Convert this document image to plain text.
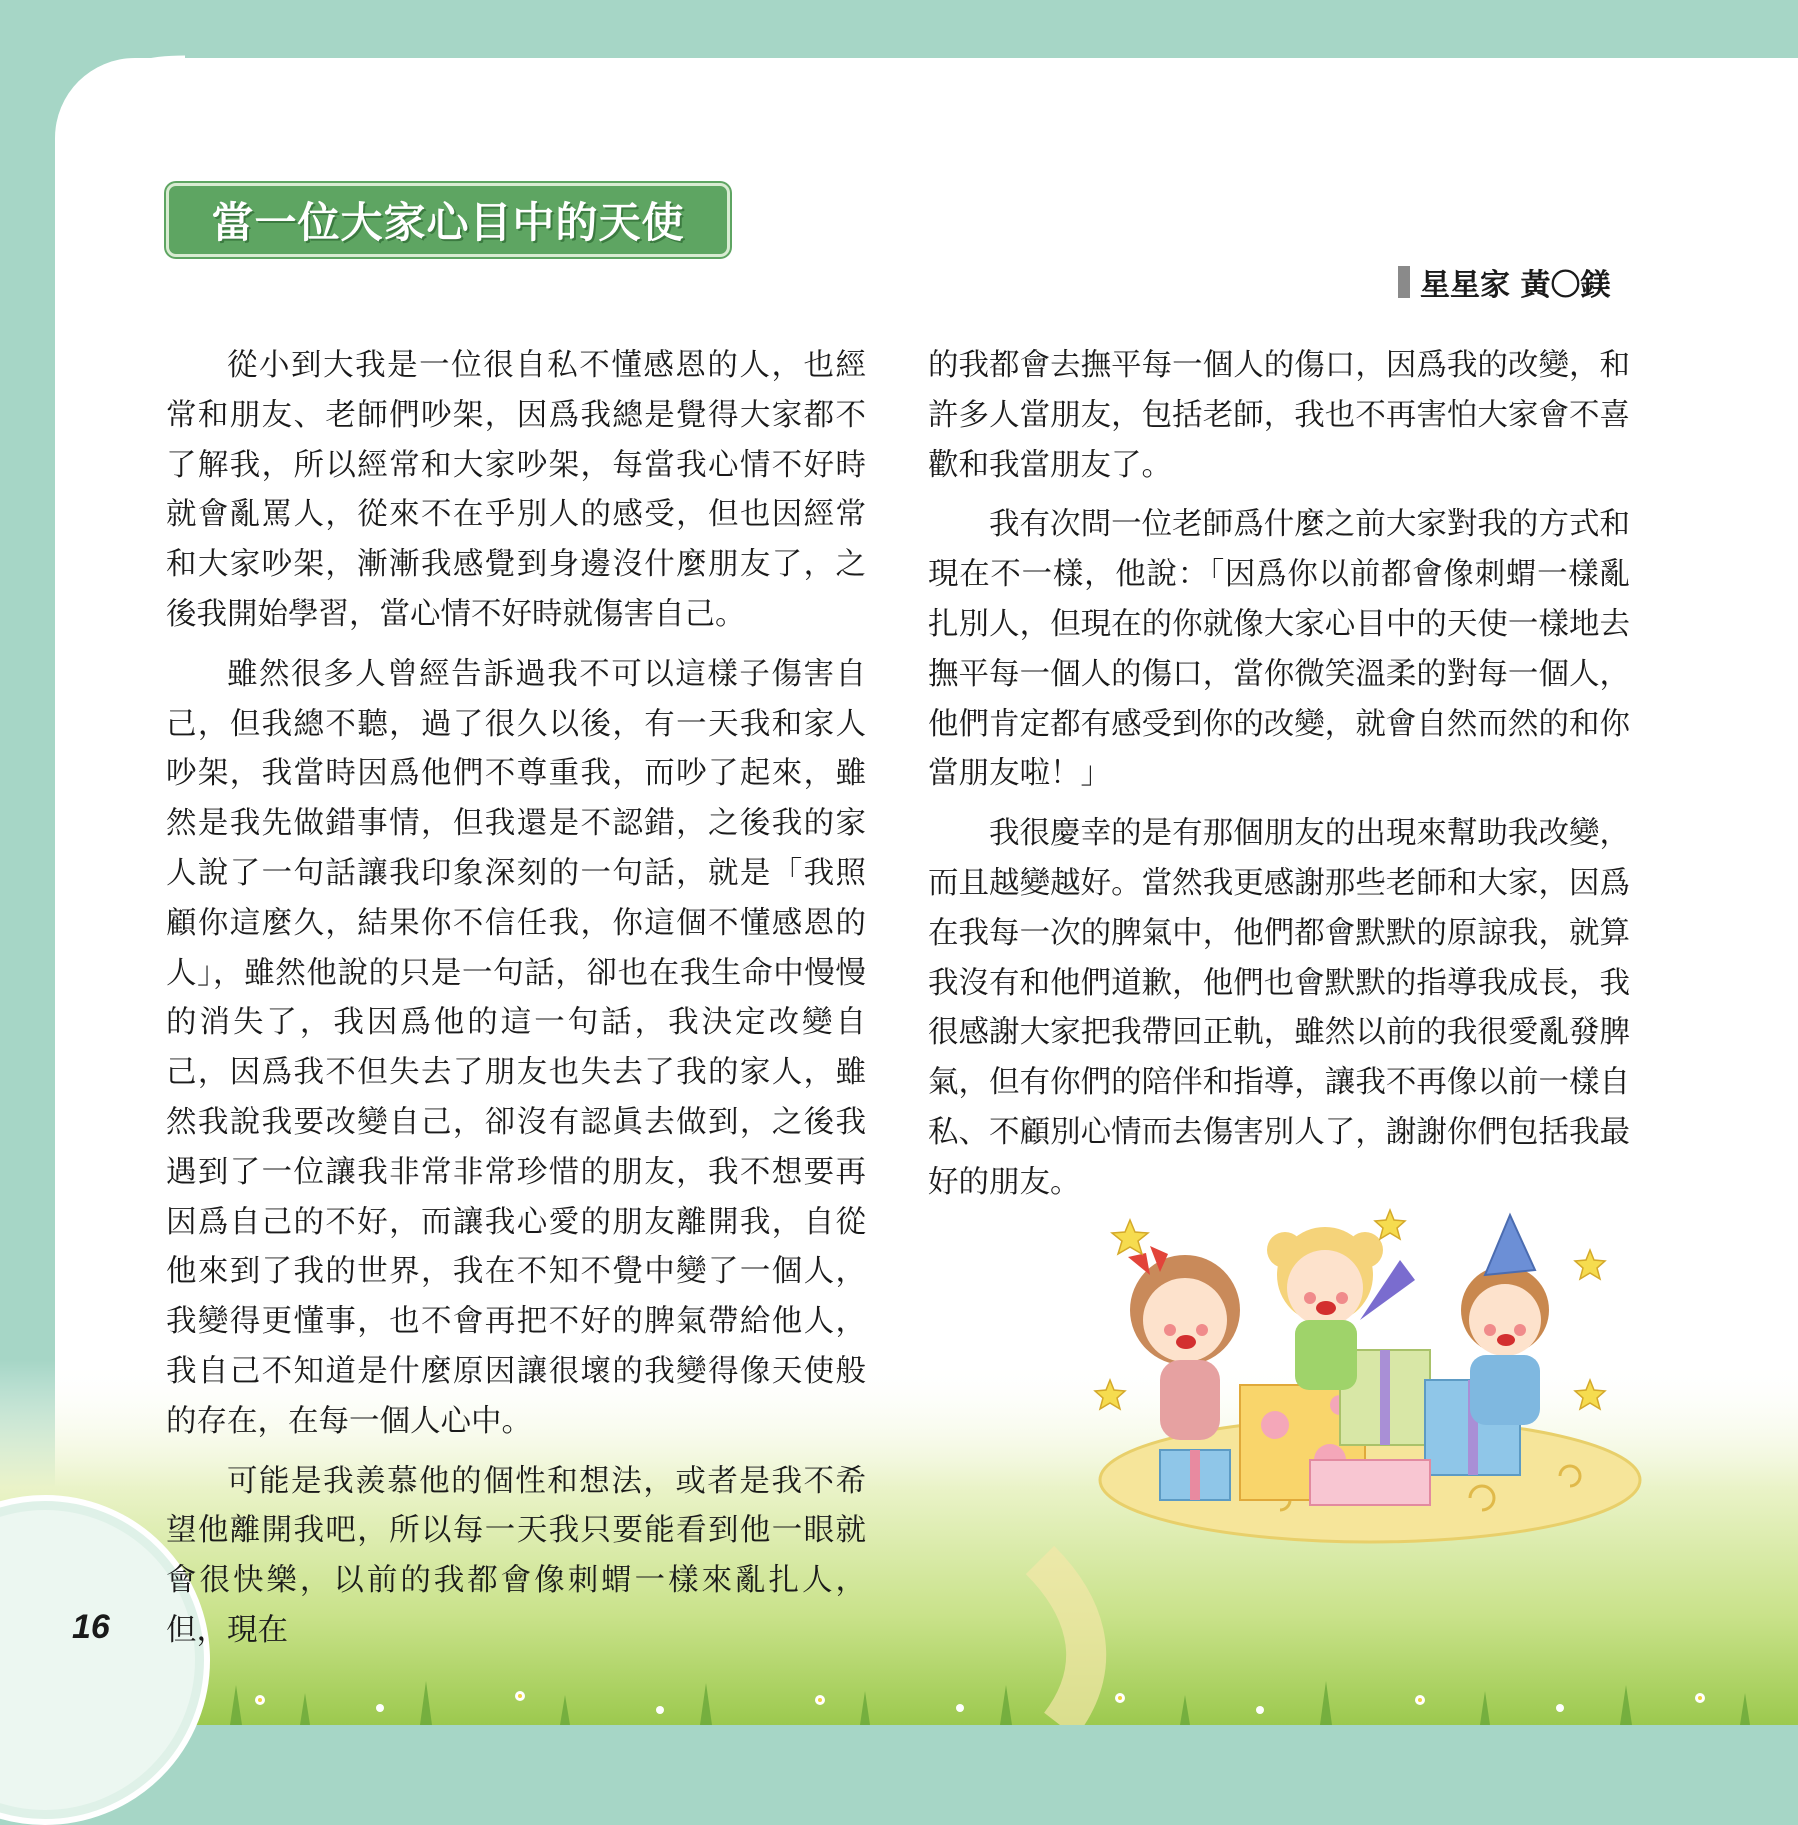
16
當一位大家心目中的天使
星星家 黃〇鎂

從小到大我是一位很自私不懂感恩的人，也經常和朋友、老師們吵架，因爲我總是覺得大家都不了解我，所以經常和大家吵架，每當我心情不好時就會亂罵人，從來不在乎別人的感受，但也因經常和大家吵架，漸漸我感覺到身邊沒什麼朋友了，之後我開始學習，當心情不好時就傷害自己。

雖然很多人曾經告訴過我不可以這樣子傷害自己，但我總不聽，過了很久以後，有一天我和家人吵架，我當時因爲他們不尊重我，而吵了起來，雖然是我先做錯事情，但我還是不認錯，之後我的家人說了一句話讓我印象深刻的一句話，就是「我照顧你這麼久，結果你不信任我，你這個不懂感恩的人」，雖然他說的只是一句話，卻也在我生命中慢慢的消失了，我因爲他的這一句話，我決定改變自己，因爲我不但失去了朋友也失去了我的家人，雖然我說我要改變自己，卻沒有認眞去做到，之後我遇到了一位讓我非常非常珍惜的朋友，我不想要再因爲自己的不好，而讓我心愛的朋友離開我，自從他來到了我的世界，我在不知不覺中變了一個人，我變得更懂事，也不會再把不好的脾氣帶給他人，我自己不知道是什麼原因讓很壞的我變得像天使般的存在，在每一個人心中。

可能是我羨慕他的個性和想法，或者是我不希望他離開我吧，所以每一天我只要能看到他一眼就會很快樂，以前的我都會像刺蝟一樣來亂扎人，但，現在

的我都會去撫平每一個人的傷口，因爲我的改變，和許多人當朋友，包括老師，我也不再害怕大家會不喜歡和我當朋友了。

我有次問一位老師爲什麼之前大家對我的方式和現在不一樣，他說：「因爲你以前都會像刺蝟一樣亂扎別人，但現在的你就像大家心目中的天使一樣地去撫平每一個人的傷口，當你微笑溫柔的對每一個人，他們肯定都有感受到你的改變，就會自然而然的和你當朋友啦！」

我很慶幸的是有那個朋友的出現來幫助我改變，而且越變越好。當然我更感謝那些老師和大家，因爲在我每一次的脾氣中，他們都會默默的原諒我，就算我沒有和他們道歉，他們也會默默的指導我成長，我很感謝大家把我帶回正軌，雖然以前的我很愛亂發脾氣，但有你們的陪伴和指導，讓我不再像以前一樣自私、不顧別心情而去傷害別人了，謝謝你們包括我最好的朋友。
